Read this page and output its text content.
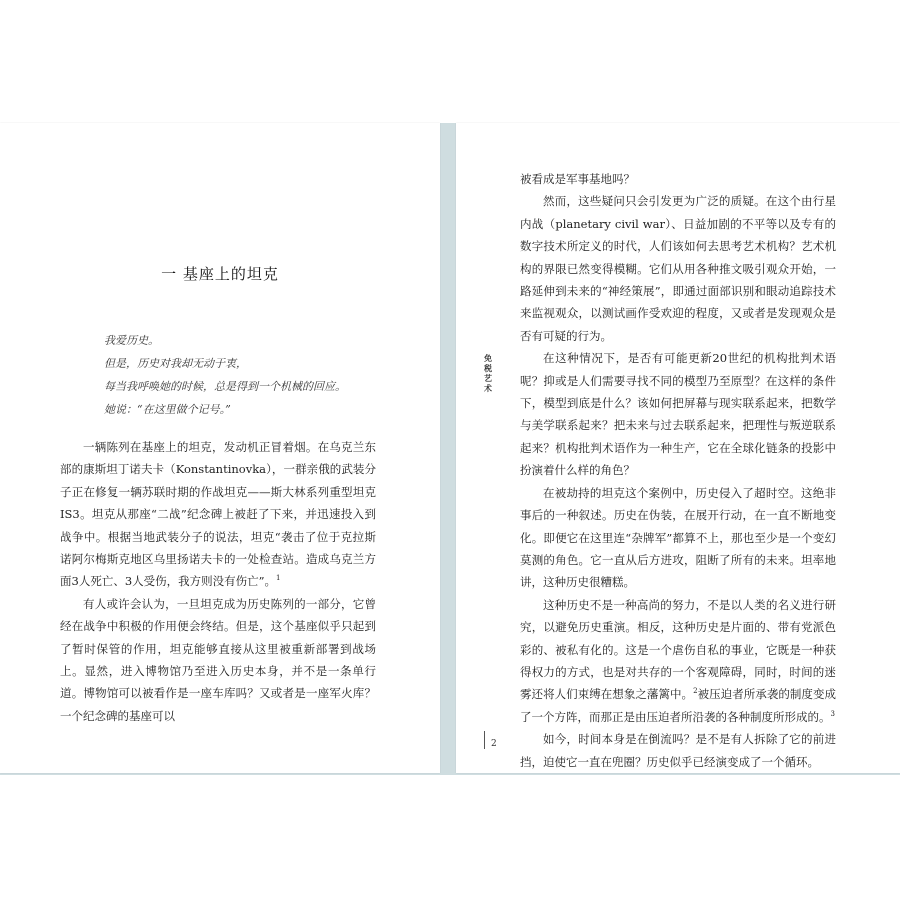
一 基座上的坦克
我爱历史。
但是，历史对我却无动于衷，
每当我呼唤她的时候，总是得到一个机械的回应。
她说：“在这里做个记号。”

一辆陈列在基座上的坦克，发动机正冒着烟。在乌克兰东部的康斯坦丁诺夫卡（Konstantinovka），一群亲俄的武装分子正在修复一辆苏联时期的作战坦克——斯大林系列重型坦克IS3。坦克从那座“二战”纪念碑上被赶了下来，并迅速投入到战争中。根据当地武装分子的说法，坦克“袭击了位于克拉斯诺阿尔梅斯克地区乌里扬诺夫卡的一处检查站。造成乌克兰方面3人死亡、3人受伤，我方则没有伤亡”。$^1$

有人或许会认为，一旦坦克成为历史陈列的一部分，它曾经在战争中积极的作用便会终结。但是，这个基座似乎只起到了暂时保管的作用，坦克能够直接从这里被重新部署到战场上。显然，进入博物馆乃至进入历史本身，并不是一条单行道。博物馆可以被看作是一座车库吗？又或者是一座军火库？一个纪念碑的基座可以

免
税
艺
术

被看成是军事基地吗？

然而，这些疑问只会引发更为广泛的质疑。在这个由行星内战（planetary civil war）、日益加剧的不平等以及专有的数字技术所定义的时代，人们该如何去思考艺术机构？艺术机构的界限已然变得模糊。它们从用各种推文吸引观众开始，一路延伸到未来的“神经策展”，即通过面部识别和眼动追踪技术来监视观众，以测试画作受欢迎的程度，又或者是发现观众是否有可疑的行为。

在这种情况下，是否有可能更新20世纪的机构批判术语呢？抑或是人们需要寻找不同的模型乃至原型？在这样的条件下，模型到底是什么？该如何把屏幕与现实联系起来，把数学与美学联系起来？把未来与过去联系起来，把理性与叛逆联系起来？机构批判术语作为一种生产，它在全球化链条的投影中扮演着什么样的角色？

在被劫持的坦克这个案例中，历史侵入了超时空。这绝非事后的一种叙述。历史在伪装，在展开行动，在一直不断地变化。即便它在这里连“杂牌军”都算不上，那也至少是一个变幻莫测的角色。它一直从后方进攻，阻断了所有的未来。坦率地讲，这种历史很糟糕。

这种历史不是一种高尚的努力，不是以人类的名义进行研究，以避免历史重演。相反，这种历史是片面的、带有党派色彩的、被私有化的。这是一个虐伤自私的事业，它既是一种获得权力的方式，也是对共存的一个客观障碍，同时，时间的迷雾还将人们束缚在想象之藩篱中。$^2$被压迫者所承袭的制度变成了一个方阵，而那正是由压迫者所沿袭的各种制度所形成的。$^3$

如今，时间本身是在倒流吗？是不是有人拆除了它的前进挡，迫使它一直在兜圈？历史似乎已经演变成了一个循环。

2
